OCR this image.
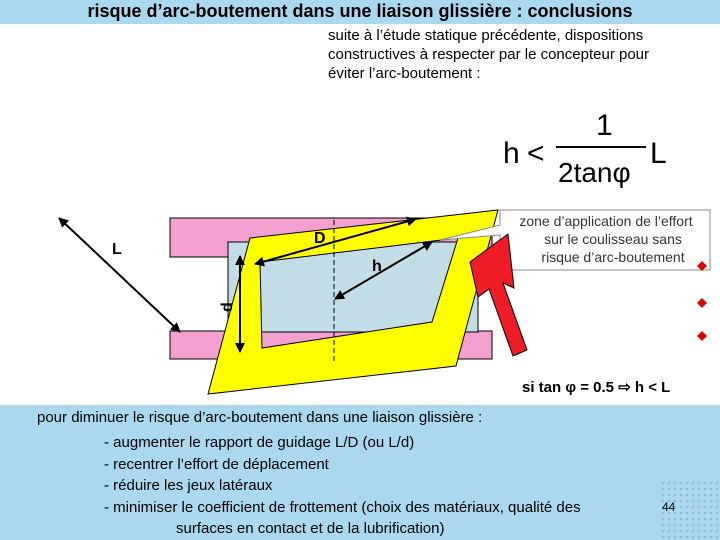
risque d’arc-boutement dans une liaison glissière : conclusions
suite à l’étude statique précédente, dispositions
constructives à respecter par le concepteur pour
éviter l’arc-boutement :
h <
1
2tanφ
L
L
D
h
d
zone d’application de l’effort
sur le coulisseau sans
risque d’arc-boutement
si tan φ = 0.5 ⇨ h < L
pour diminuer le risque d’arc-boutement dans une liaison glissière :
- augmenter le rapport de guidage L/D (ou L/d)
- recentrer l’effort de déplacement
- réduire les jeux latéraux
- minimiser le coefficient de frottement (choix des matériaux, qualité des
surfaces en contact et de la lubrification)
44
